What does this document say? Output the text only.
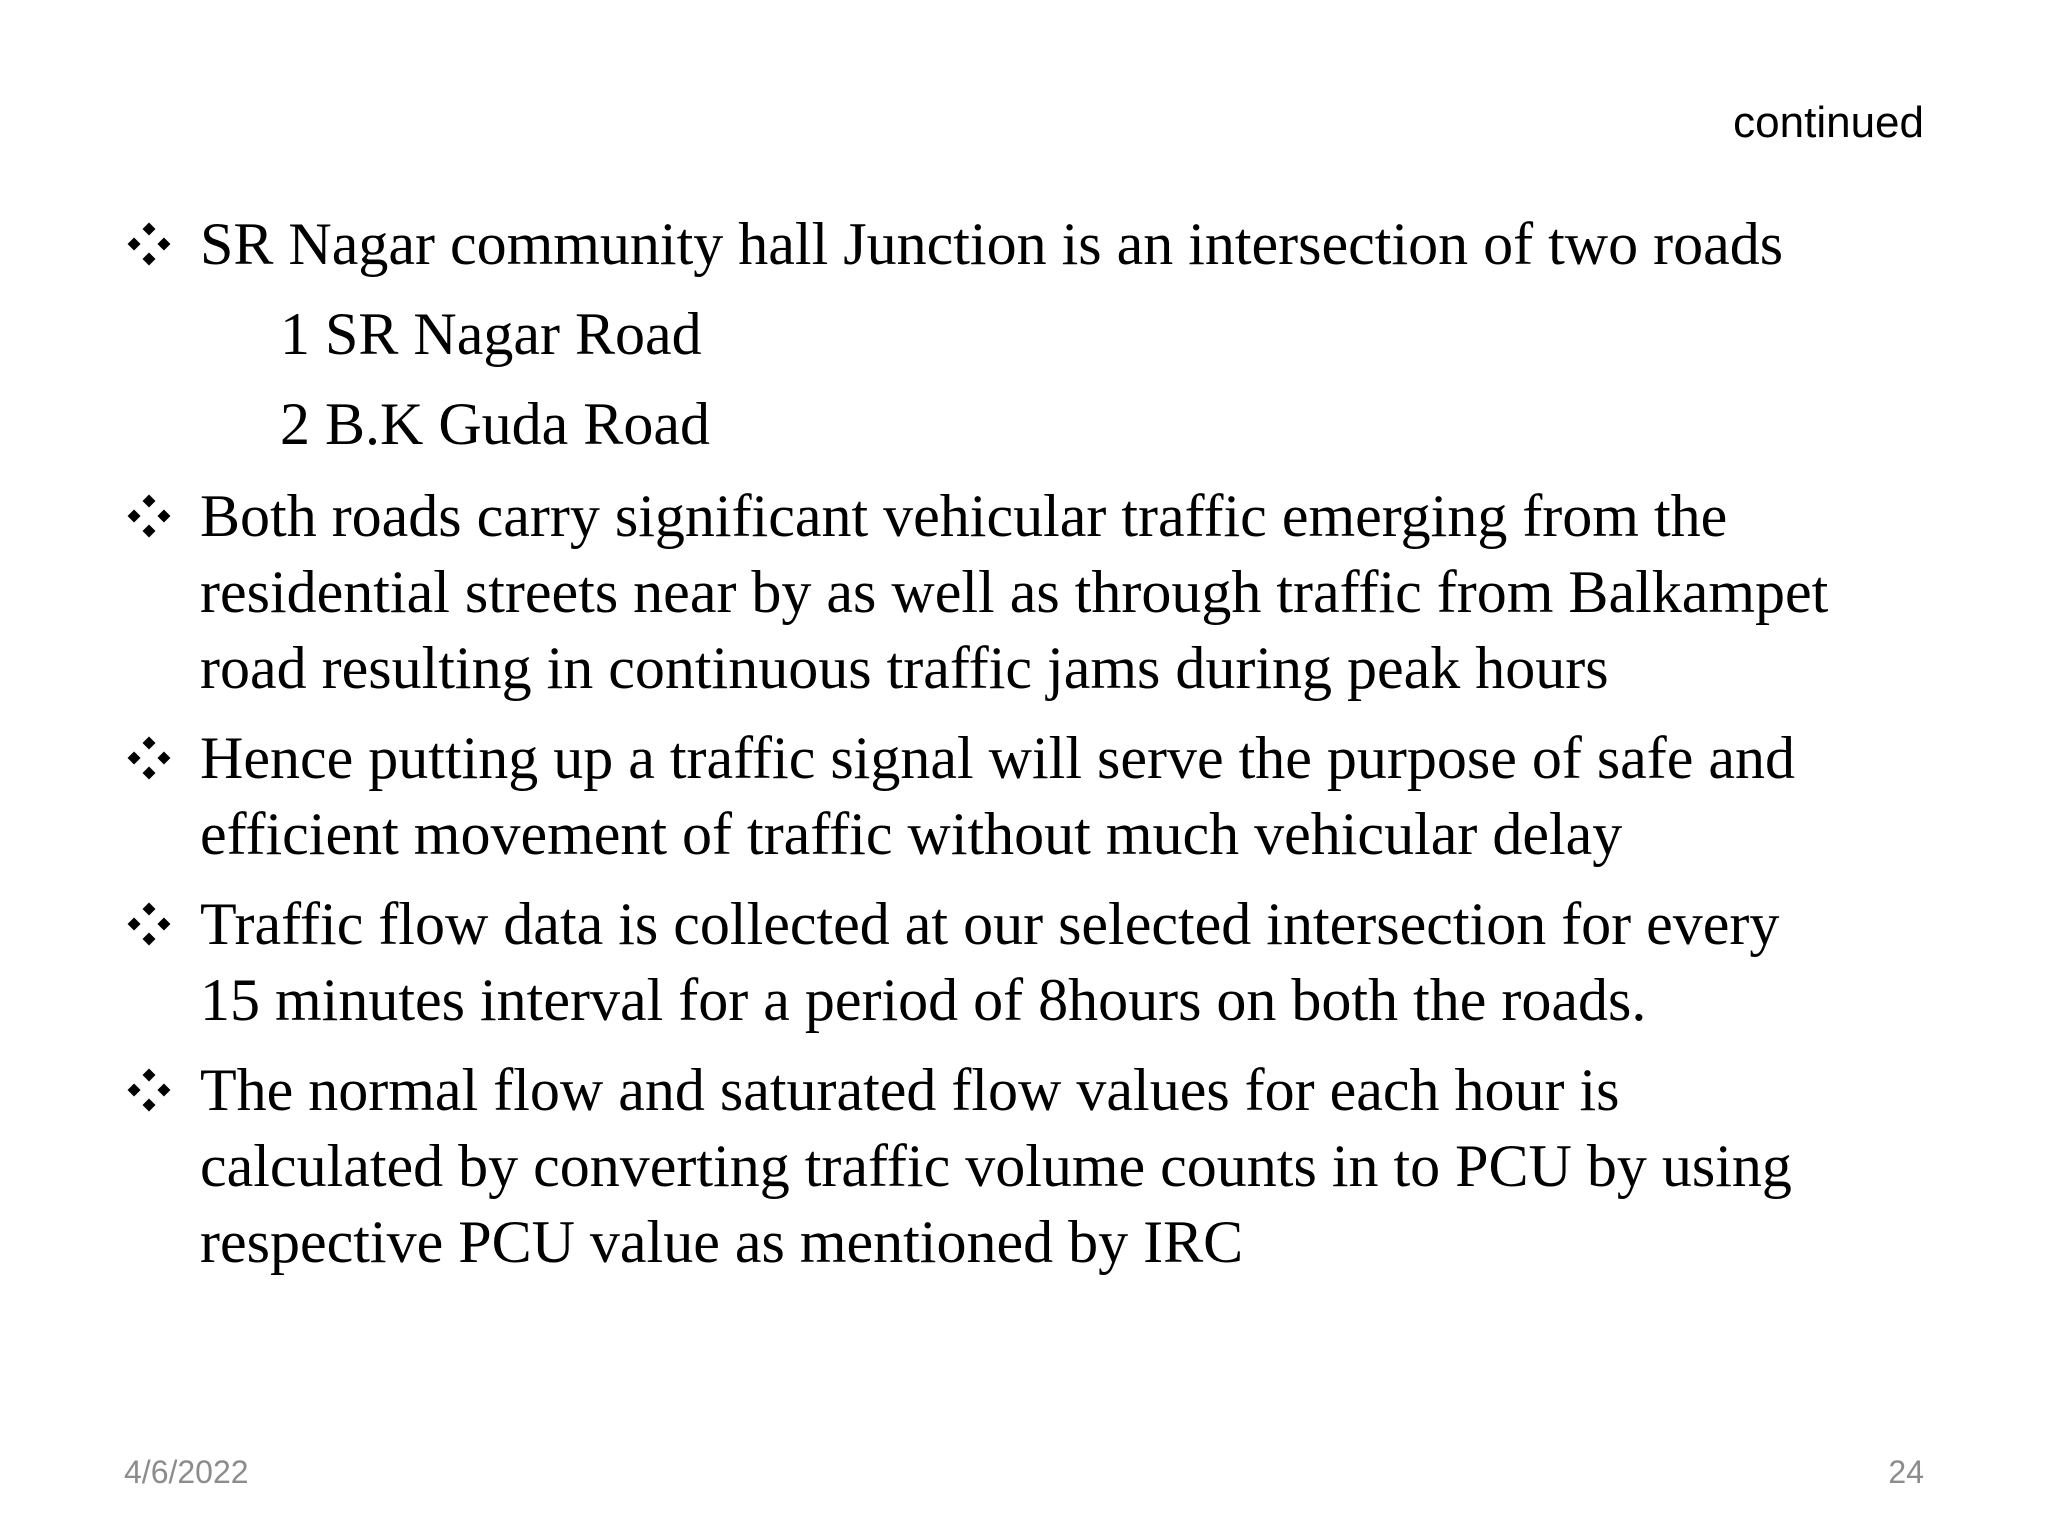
continued
SR Nagar community hall Junction is an intersection of two roads
1 SR Nagar Road
2 B.K Guda Road
Both roads carry significant vehicular traffic emerging from the
residential streets near by as well as through traffic from Balkampet
road resulting in continuous traffic jams during peak hours
Hence putting up a traffic signal will serve the purpose of safe and
efficient movement of traffic without much vehicular delay
Traffic flow data is collected at our selected intersection for every
15 minutes interval for a period of 8hours on both the roads.
The normal flow and saturated flow values for each hour is
calculated by converting traffic volume counts in to PCU by using
respective PCU value as mentioned by IRC
4/6/2022	24
